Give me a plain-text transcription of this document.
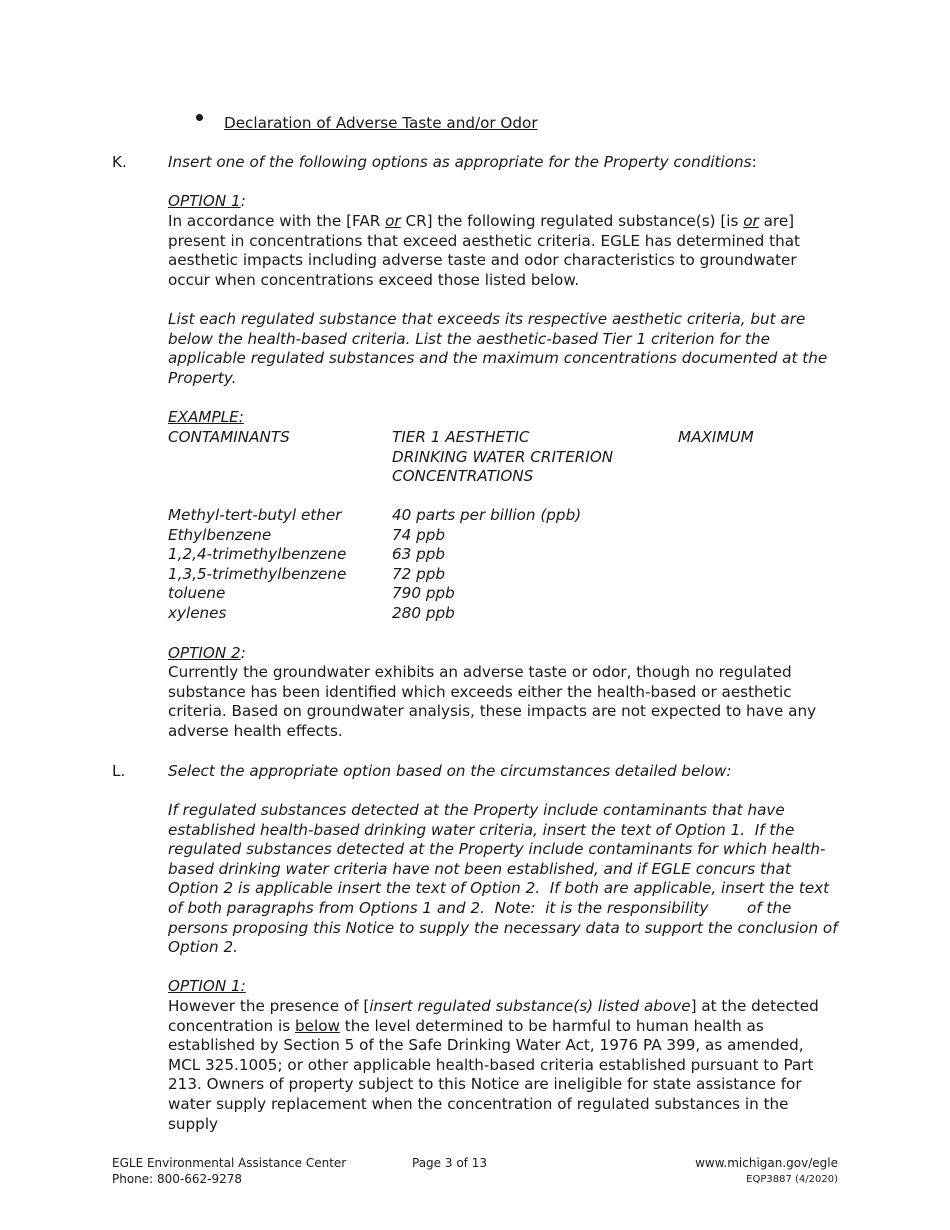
Declaration of Adverse Taste and/or Odor

K.	Insert one of the following options as appropriate for the Property conditions:

OPTION 1:

In accordance with the [FAR or CR] the following regulated substance(s) [is or are] present in concentrations that exceed aesthetic criteria. EGLE has determined that aesthetic impacts including adverse taste and odor characteristics to groundwater occur when concentrations exceed those listed below.

List each regulated substance that exceeds its respective aesthetic criteria, but are below the health-based criteria. List the aesthetic-based Tier 1 criterion for the applicable regulated substances and the maximum concentrations documented at the Property.

EXAMPLE:

CONTAMINANTS	TIER 1 AESTHETIC	MAXIMUM
DRINKING WATER CRITERION
CONCENTRATIONS
Methyl-tert-butyl ether	40 parts per billion (ppb)
Ethylbenzene	74 ppb
1,2,4-trimethylbenzene	63 ppb
1,3,5-trimethylbenzene	72 ppb
toluene	790 ppb
xylenes	280 ppb

OPTION 2:

Currently the groundwater exhibits an adverse taste or odor, though no regulated substance has been identified which exceeds either the health-based or aesthetic criteria. Based on groundwater analysis, these impacts are not expected to have any adverse health effects.

L.	Select the appropriate option based on the circumstances detailed below:

If regulated substances detected at the Property include contaminants that have established health-based drinking water criteria, insert the text of Option 1.  If the regulated substances detected at the Property include contaminants for which health-based drinking water criteria have not been established, and if EGLE concurs that Option 2 is applicable insert the text of Option 2.  If both are applicable, insert the text of both paragraphs from Options 1 and 2.  Note:  it is the responsibility        of the persons proposing this Notice to supply the necessary data to support the conclusion of Option 2.

OPTION 1:

However the presence of [insert regulated substance(s) listed above] at the detected concentration is below the level determined to be harmful to human health as established by Section 5 of the Safe Drinking Water Act, 1976 PA 399, as amended, MCL 325.1005; or other applicable health-based criteria established pursuant to Part 213. Owners of property subject to this Notice are ineligible for state assistance for water supply replacement when the concentration of regulated substances in the supply

EGLE Environmental Assistance Center
Phone: 800-662-9278
Page 3 of 13	www.michigan.gov/egle
EQP3887 (4/2020)
